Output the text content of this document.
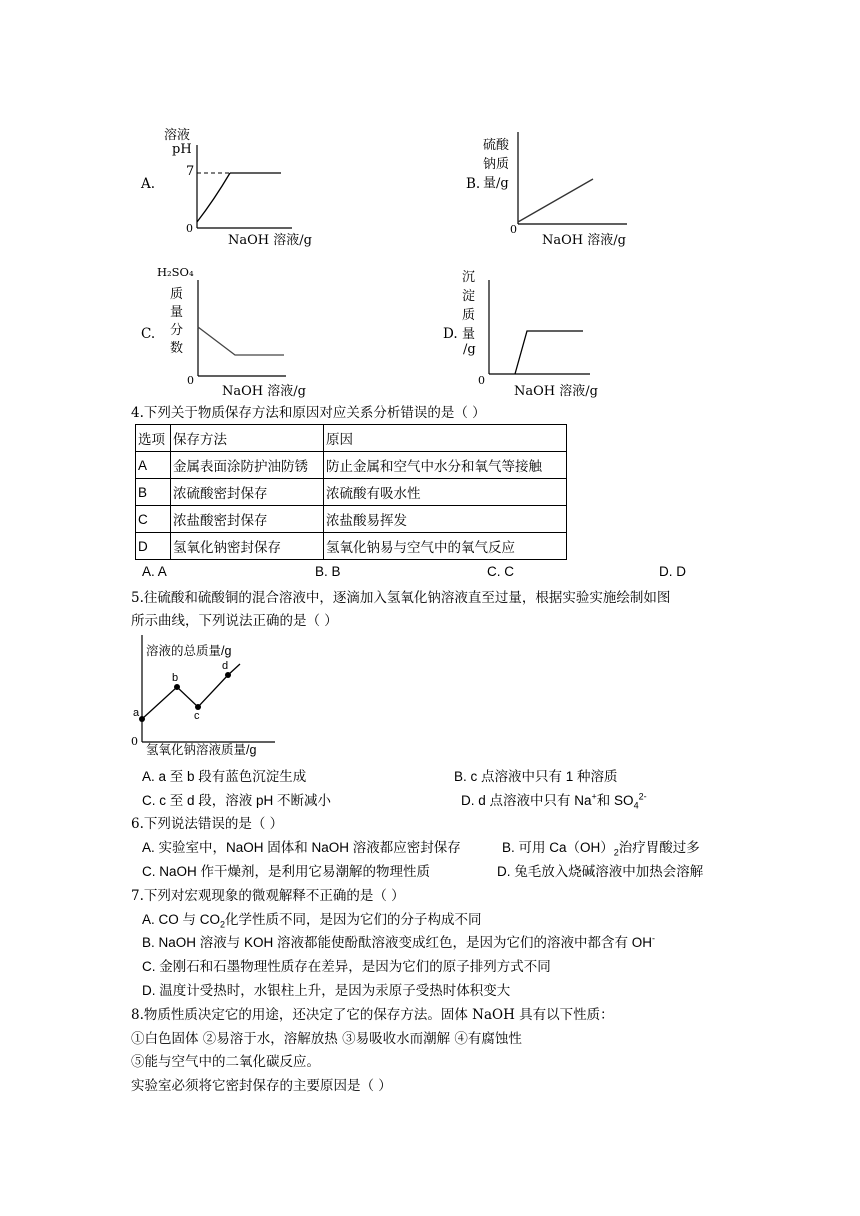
A.
溶液
pH
7
0
NaOH 溶液/g
B.
硫酸
钠质
量/g
0
NaOH 溶液/g
C.
H₂SO₄
质
量
分
数
0
NaOH 溶液/g
D.
沉
淀
质
量
/g
0
NaOH 溶液/g
4.下列关于物质保存方法和原因对应关系分析错误的是（ ）
选项	保存方法	原因
A	金属表面涂防护油防锈	防止金属和空气中水分和氧气等接触
B	浓硫酸密封保存	浓硫酸有吸水性
C	浓盐酸密封保存	浓盐酸易挥发
D	氢氧化钠密封保存	氢氧化钠易与空气中的氧气反应
A. A	B. B	C. C	D. D
5.往硫酸和硫酸铜的混合溶液中，逐滴加入氢氧化钠溶液直至过量，根据实验实施绘制如图
所示曲线，下列说法正确的是（ ）
溶液的总质量/g
氢氧化钠溶液质量/g
0
a
b
c
d
A. a 至 b 段有蓝色沉淀生成	B. c 点溶液中只有 1 种溶质
C. c 至 d 段，溶液 pH 不断减小	D. d 点溶液中只有 Na+和 $SO_4^{2-}$
6.下列说法错误的是（ ）
A. 实验室中，NaOH 固体和 NaOH 溶液都应密封保存	B. 可用 $Ca(OH)_2$治疗胃酸过多
C. NaOH 作干燥剂，是利用它易潮解的物理性质	D. 兔毛放入烧碱溶液中加热会溶解
7.下列对宏观现象的微观解释不正确的是（ ）
A. CO 与 $CO_2$化学性质不同，是因为它们的分子构成不同
B. NaOH 溶液与 KOH 溶液都能使酚酞溶液变成红色，是因为它们的溶液中都含有 OH-
C. 金刚石和石墨物理性质存在差异，是因为它们的原子排列方式不同
D. 温度计受热时，水银柱上升，是因为汞原子受热时体积变大
8.物质性质决定它的用途，还决定了它的保存方法。固体 NaOH 具有以下性质：
①白色固体 ②易溶于水，溶解放热 ③易吸收水而潮解 ④有腐蚀性
⑤能与空气中的二氧化碳反应。
实验室必须将它密封保存的主要原因是（ ）
